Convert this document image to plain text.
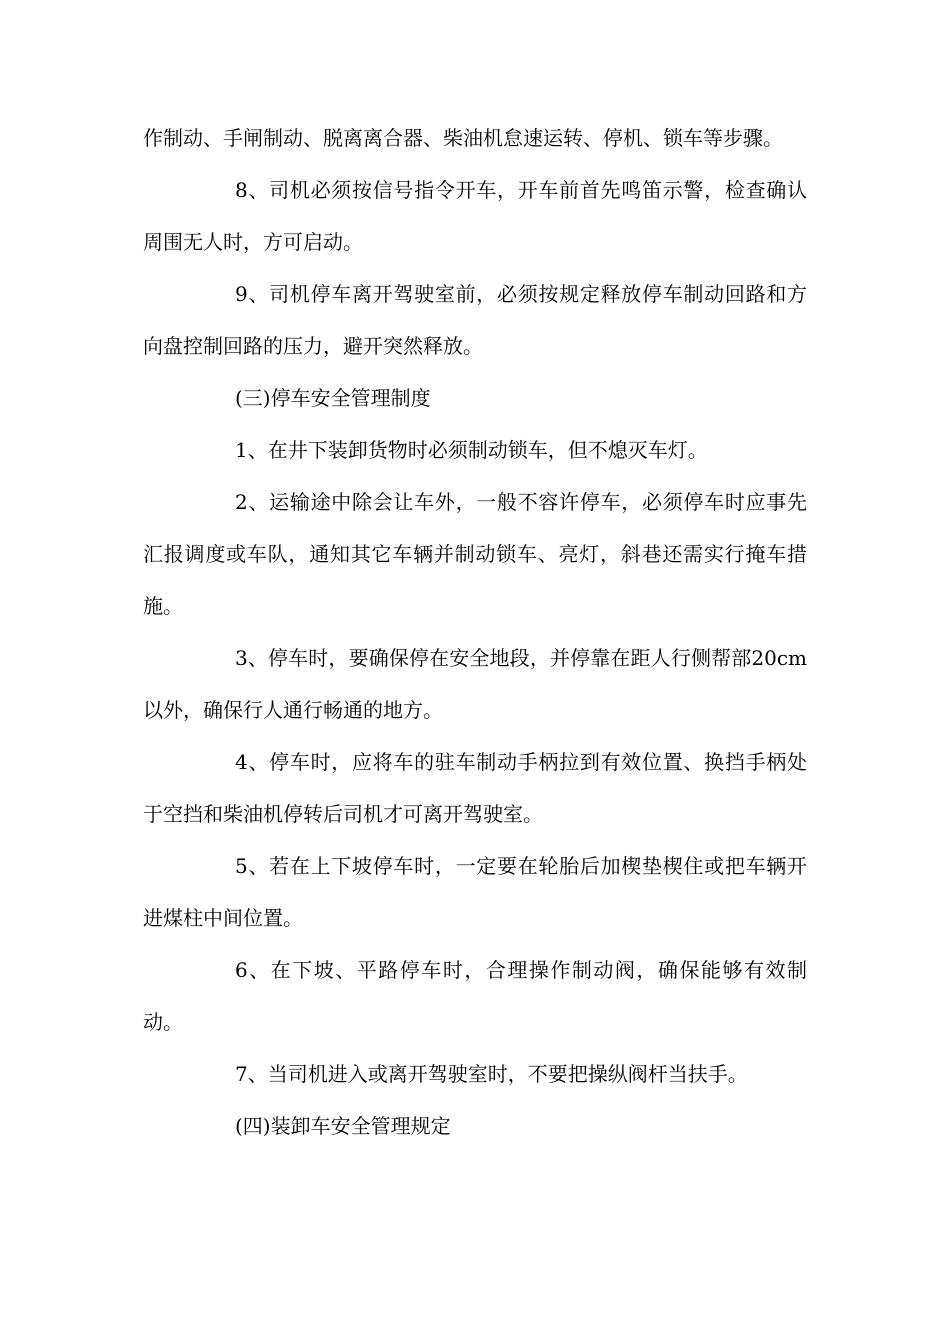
作制动、手闸制动、脱离离合器、柴油机怠速运转、停机、锁车等步骤。

8、司机必须按信号指令开车，开车前首先鸣笛示警，检查确认周围无人时，方可启动。

9、司机停车离开驾驶室前，必须按规定释放停车制动回路和方向盘控制回路的压力，避开突然释放。

(三)停车安全管理制度

1、在井下装卸货物时必须制动锁车，但不熄灭车灯。

2、运输途中除会让车外，一般不容许停车，必须停车时应事先汇报调度或车队，通知其它车辆并制动锁车、亮灯，斜巷还需实行掩车措施。

3、停车时，要确保停在安全地段，并停靠在距人行侧帮部20cm以外，确保行人通行畅通的地方。

4、停车时，应将车的驻车制动手柄拉到有效位置、换挡手柄处于空挡和柴油机停转后司机才可离开驾驶室。

5、若在上下坡停车时，一定要在轮胎后加楔垫楔住或把车辆开进煤柱中间位置。

6、在下坡、平路停车时，合理操作制动阀，确保能够有效制动。

7、当司机进入或离开驾驶室时，不要把操纵阀杆当扶手。

(四)装卸车安全管理规定
